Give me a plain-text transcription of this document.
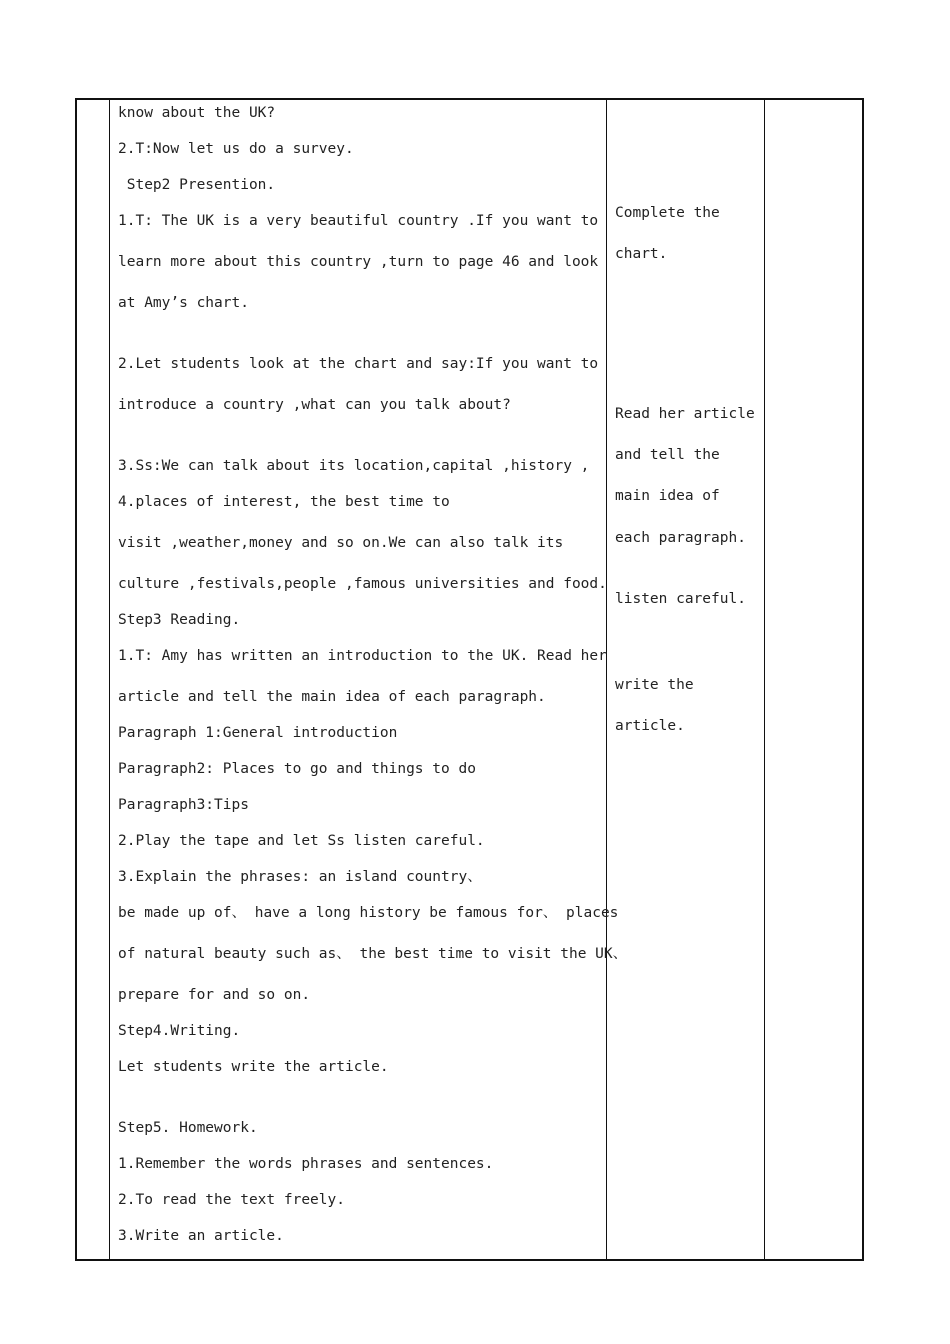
know about the UK?
2.T:Now let us do a survey.
Step2 Presention.
1.T: The UK is a very beautiful country .If you want to
learn more about this country ,turn to page 46 and look
at Amy’s chart.
2.Let students look at the chart and say:If you want to
introduce a country ,what can you talk about?
3.Ss:We can talk about its location,capital ,history ,
4.places of interest, the best time to
visit ,weather,money and so on.We can also talk its
culture ,festivals,people ,famous universities and food.
Step3 Reading.
1.T: Amy has written an introduction to the UK. Read her
article and tell the main idea of each paragraph.
Paragraph 1:General introduction
Paragraph2: Places to go and things to do
Paragraph3:Tips
2.Play the tape and let Ss listen careful.
3.Explain the phrases: an island country、
be made up of、 have a long history be famous for、 places
of natural beauty such as、 the best time to visit the UK、
prepare for and so on.
Step4.Writing.
Let students write the article.
Step5. Homework.
1.Remember the words phrases and sentences.
2.To read the text freely.
3.Write an article.
Complete the
chart.
Read her article
and tell the
main idea of
each paragraph.
listen careful.
write the
article.
